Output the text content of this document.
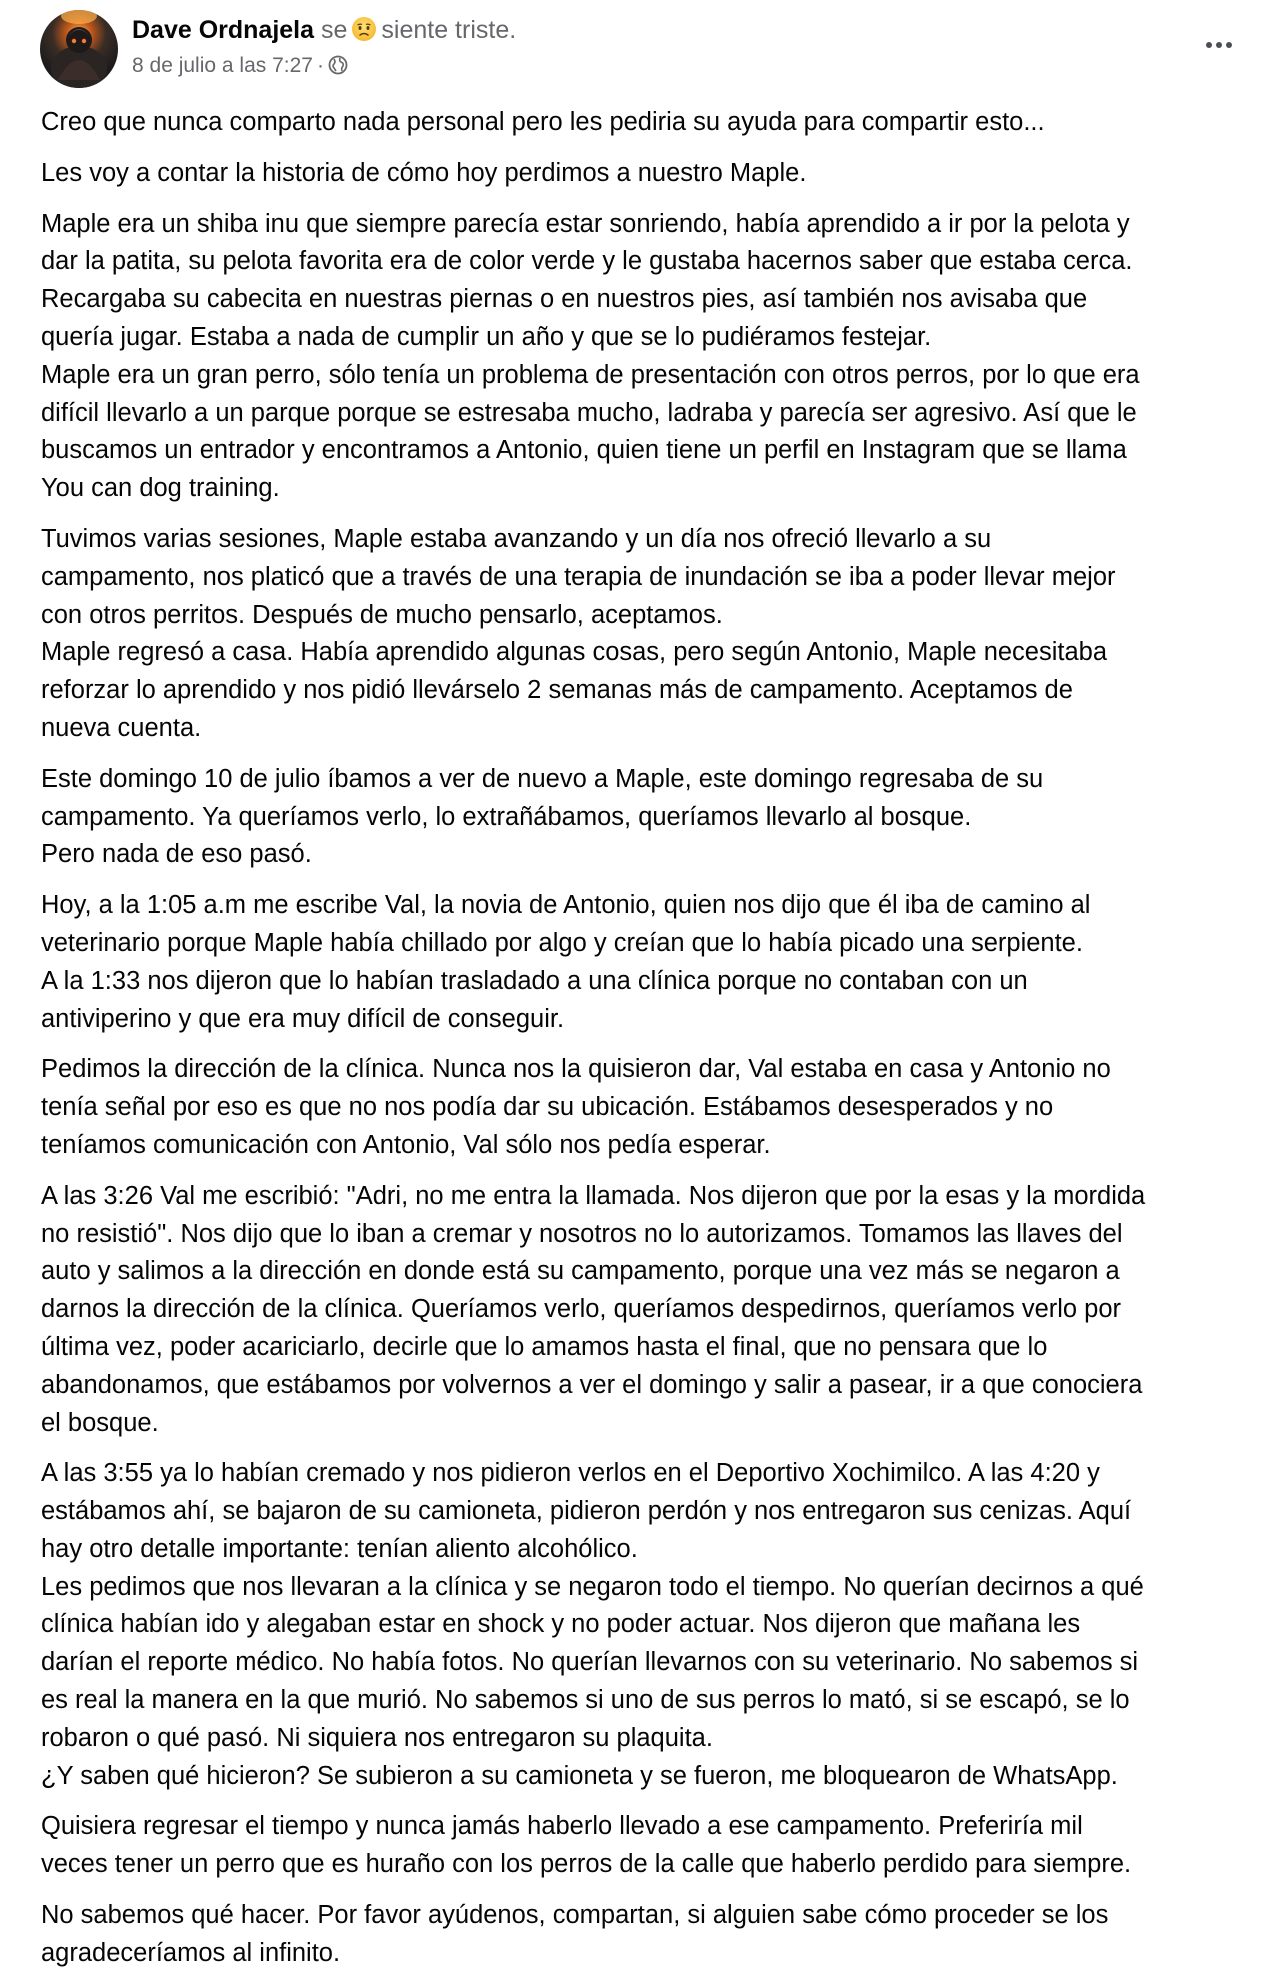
Dave Ordnajela se siente triste.
8 de julio a las 7:27 ·

Creo que nunca comparto nada personal pero les pediria su ayuda para compartir esto...

Les voy a contar la historia de cómo hoy perdimos a nuestro Maple.

Maple era un shiba inu que siempre parecía estar sonriendo, había aprendido a ir por la pelota y
dar la patita, su pelota favorita era de color verde y le gustaba hacernos saber que estaba cerca.
Recargaba su cabecita en nuestras piernas o en nuestros pies, así también nos avisaba que
quería jugar. Estaba a nada de cumplir un año y que se lo pudiéramos festejar.
Maple era un gran perro, sólo tenía un problema de presentación con otros perros, por lo que era
difícil llevarlo a un parque porque se estresaba mucho, ladraba y parecía ser agresivo. Así que le
buscamos un entrador y encontramos a Antonio, quien tiene un perfil en Instagram que se llama
You can dog training.

Tuvimos varias sesiones, Maple estaba avanzando y un día nos ofreció llevarlo a su
campamento, nos platicó que a través de una terapia de inundación se iba a poder llevar mejor
con otros perritos. Después de mucho pensarlo, aceptamos.
Maple regresó a casa. Había aprendido algunas cosas, pero según Antonio, Maple necesitaba
reforzar lo aprendido y nos pidió llevárselo 2 semanas más de campamento. Aceptamos de
nueva cuenta.

Este domingo 10 de julio íbamos a ver de nuevo a Maple, este domingo regresaba de su
campamento. Ya queríamos verlo, lo extrañábamos, queríamos llevarlo al bosque.
Pero nada de eso pasó.

Hoy, a la 1:05 a.m me escribe Val, la novia de Antonio, quien nos dijo que él iba de camino al
veterinario porque Maple había chillado por algo y creían que lo había picado una serpiente.
A la 1:33 nos dijeron que lo habían trasladado a una clínica porque no contaban con un
antiviperino y que era muy difícil de conseguir.

Pedimos la dirección de la clínica. Nunca nos la quisieron dar, Val estaba en casa y Antonio no
tenía señal por eso es que no nos podía dar su ubicación. Estábamos desesperados y no
teníamos comunicación con Antonio, Val sólo nos pedía esperar.

A las 3:26 Val me escribió: "Adri, no me entra la llamada. Nos dijeron que por la esas y la mordida
no resistió". Nos dijo que lo iban a cremar y nosotros no lo autorizamos. Tomamos las llaves del
auto y salimos a la dirección en donde está su campamento, porque una vez más se negaron a
darnos la dirección de la clínica. Queríamos verlo, queríamos despedirnos, queríamos verlo por
última vez, poder acariciarlo, decirle que lo amamos hasta el final, que no pensara que lo
abandonamos, que estábamos por volvernos a ver el domingo y salir a pasear, ir a que conociera
el bosque.

A las 3:55 ya lo habían cremado y nos pidieron verlos en el Deportivo Xochimilco. A las 4:20 y
estábamos ahí, se bajaron de su camioneta, pidieron perdón y nos entregaron sus cenizas. Aquí
hay otro detalle importante: tenían aliento alcohólico.
Les pedimos que nos llevaran a la clínica y se negaron todo el tiempo. No querían decirnos a qué
clínica habían ido y alegaban estar en shock y no poder actuar. Nos dijeron que mañana les
darían el reporte médico. No había fotos. No querían llevarnos con su veterinario. No sabemos si
es real la manera en la que murió. No sabemos si uno de sus perros lo mató, si se escapó, se lo
robaron o qué pasó. Ni siquiera nos entregaron su plaquita.
¿Y saben qué hicieron? Se subieron a su camioneta y se fueron, me bloquearon de WhatsApp.

Quisiera regresar el tiempo y nunca jamás haberlo llevado a ese campamento. Preferiría mil
veces tener un perro que es huraño con los perros de la calle que haberlo perdido para siempre.

No sabemos qué hacer. Por favor ayúdenos, compartan, si alguien sabe cómo proceder se los
agradeceríamos al infinito.
